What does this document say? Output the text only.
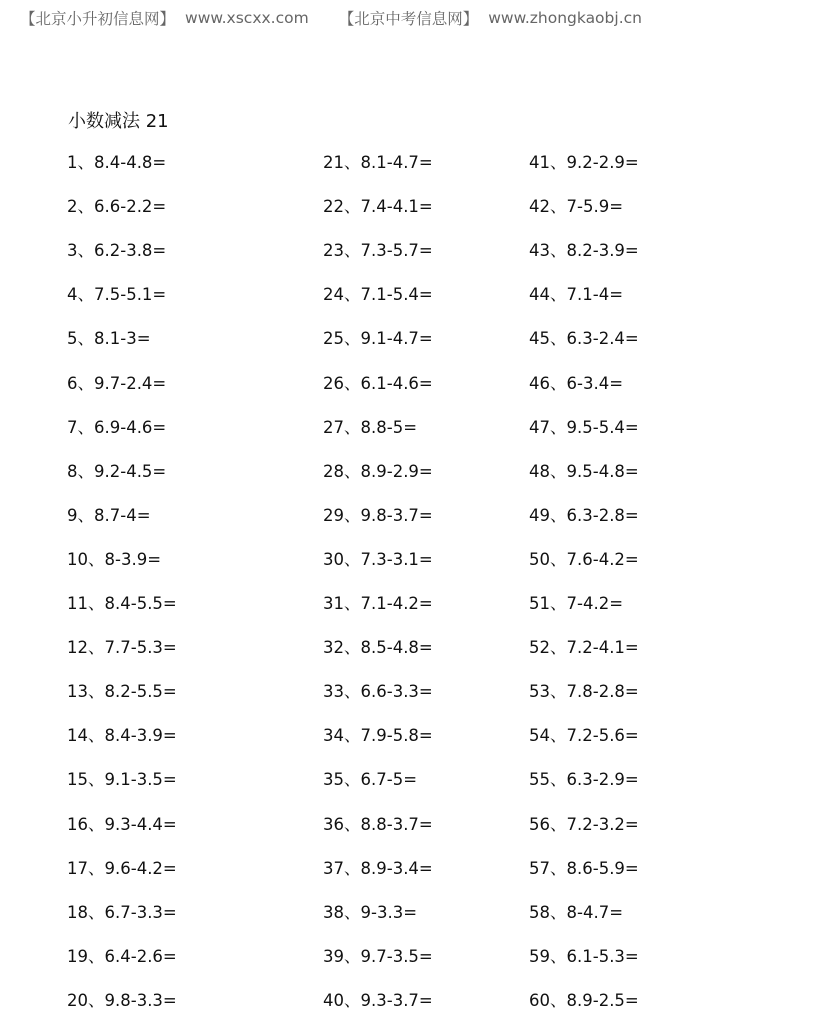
【北京小升初信息网】 www.xscxx.com 【北京中考信息网】 www.zhongkaobj.cn
小数减法 21
1、8.4-4.8=
2、6.6-2.2=
3、6.2-3.8=
4、7.5-5.1=
5、8.1-3=
6、9.7-2.4=
7、6.9-4.6=
8、9.2-4.5=
9、8.7-4=
10、8-3.9=
11、8.4-5.5=
12、7.7-5.3=
13、8.2-5.5=
14、8.4-3.9=
15、9.1-3.5=
16、9.3-4.4=
17、9.6-4.2=
18、6.7-3.3=
19、6.4-2.6=
20、9.8-3.3=
21、8.1-4.7=
22、7.4-4.1=
23、7.3-5.7=
24、7.1-5.4=
25、9.1-4.7=
26、6.1-4.6=
27、8.8-5=
28、8.9-2.9=
29、9.8-3.7=
30、7.3-3.1=
31、7.1-4.2=
32、8.5-4.8=
33、6.6-3.3=
34、7.9-5.8=
35、6.7-5=
36、8.8-3.7=
37、8.9-3.4=
38、9-3.3=
39、9.7-3.5=
40、9.3-3.7=
41、9.2-2.9=
42、7-5.9=
43、8.2-3.9=
44、7.1-4=
45、6.3-2.4=
46、6-3.4=
47、9.5-5.4=
48、9.5-4.8=
49、6.3-2.8=
50、7.6-4.2=
51、7-4.2=
52、7.2-4.1=
53、7.8-2.8=
54、7.2-5.6=
55、6.3-2.9=
56、7.2-3.2=
57、8.6-5.9=
58、8-4.7=
59、6.1-5.3=
60、8.9-2.5=
